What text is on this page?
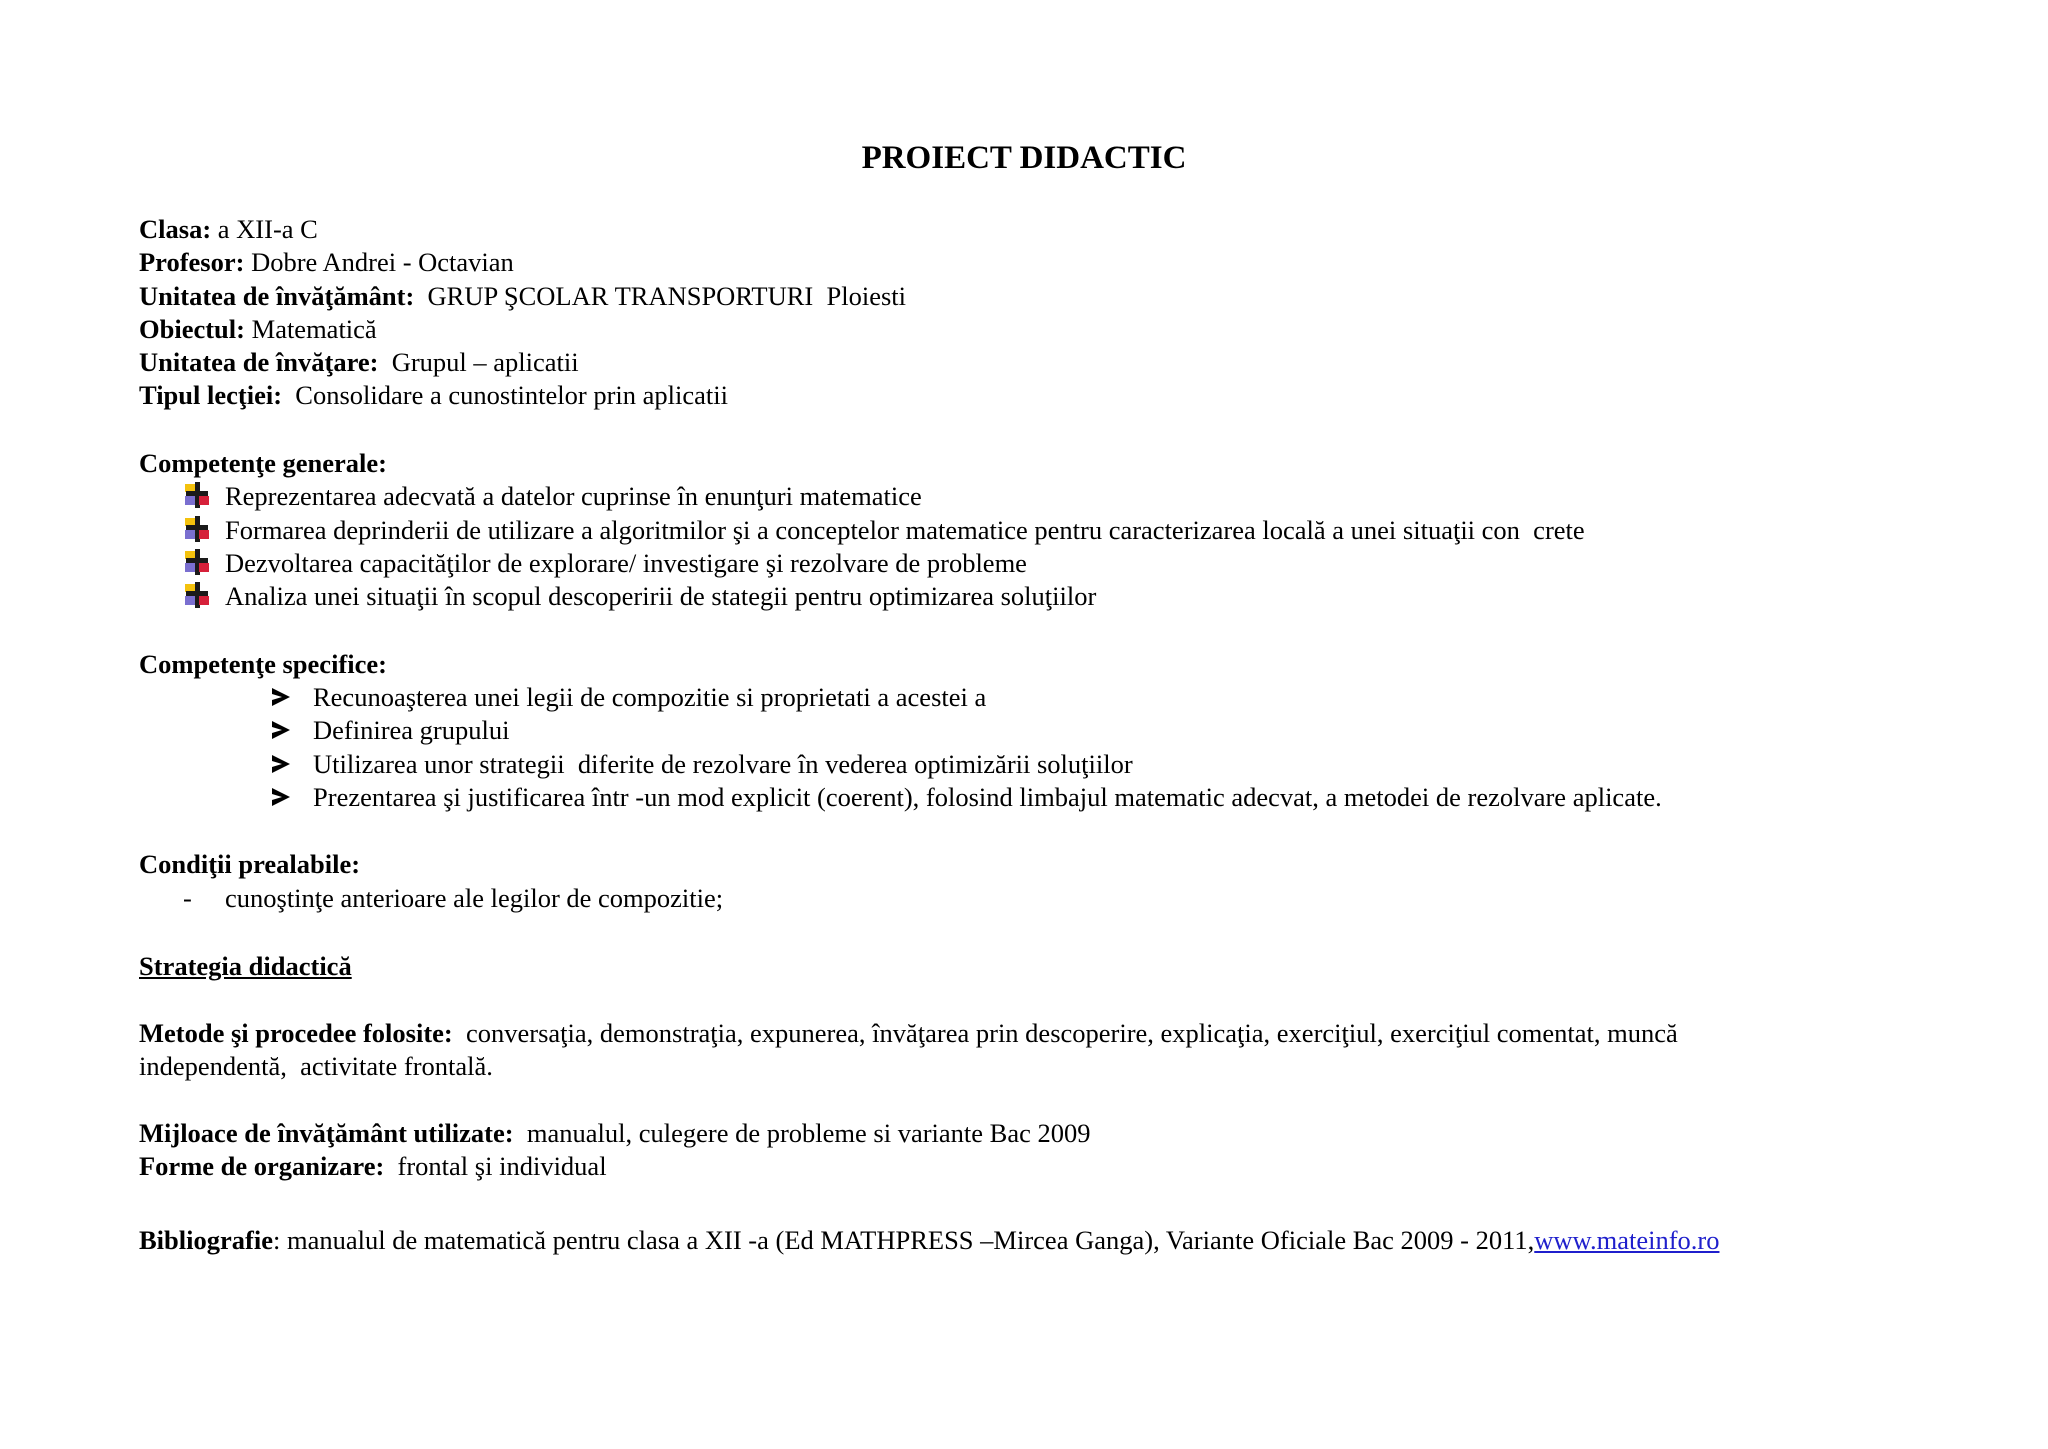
PROIECT DIDACTIC
Clasa: a XII-a C
Profesor: Dobre Andrei - Octavian
Unitatea de învăţământ:  GRUP ŞCOLAR TRANSPORTURI  Ploiesti
Obiectul: Matematică
Unitatea de învăţare:  Grupul – aplicatii
Tipul lecţiei:  Consolidare a cunostintelor prin aplicatii
Competenţe generale:
Reprezentarea adecvată a datelor cuprinse în enunţuri matematice
Formarea deprinderii de utilizare a algoritmilor şi a conceptelor matematice pentru caracterizarea locală a unei situaţii con  crete
Dezvoltarea capacităţilor de explorare/ investigare şi rezolvare de probleme
Analiza unei situaţii în scopul descoperirii de stategii pentru optimizarea soluţiilor
Competenţe specifice:
Recunoaşterea unei legii de compozitie si proprietati a acestei a
Definirea grupului
Utilizarea unor strategii  diferite de rezolvare în vederea optimizării soluţiilor
Prezentarea şi justificarea într -un mod explicit (coerent), folosind limbajul matematic adecvat, a metodei de rezolvare aplicate.
Condiţii prealabile:
- cunoştinţe anterioare ale legilor de compozitie;
Strategia didactică
Metode şi procedee folosite:  conversaţia, demonstraţia, expunerea, învăţarea prin descoperire, explicaţia, exerciţiul, exerciţiul comentat, muncă
independentă,  activitate frontală.
Mijloace de învăţământ utilizate:  manualul, culegere de probleme si variante Bac 2009
Forme de organizare:  frontal şi individual
Bibliografie: manualul de matematică pentru clasa a XII -a (Ed MATHPRESS –Mircea Ganga), Variante Oficiale Bac 2009 - 2011,www.mateinfo.ro
